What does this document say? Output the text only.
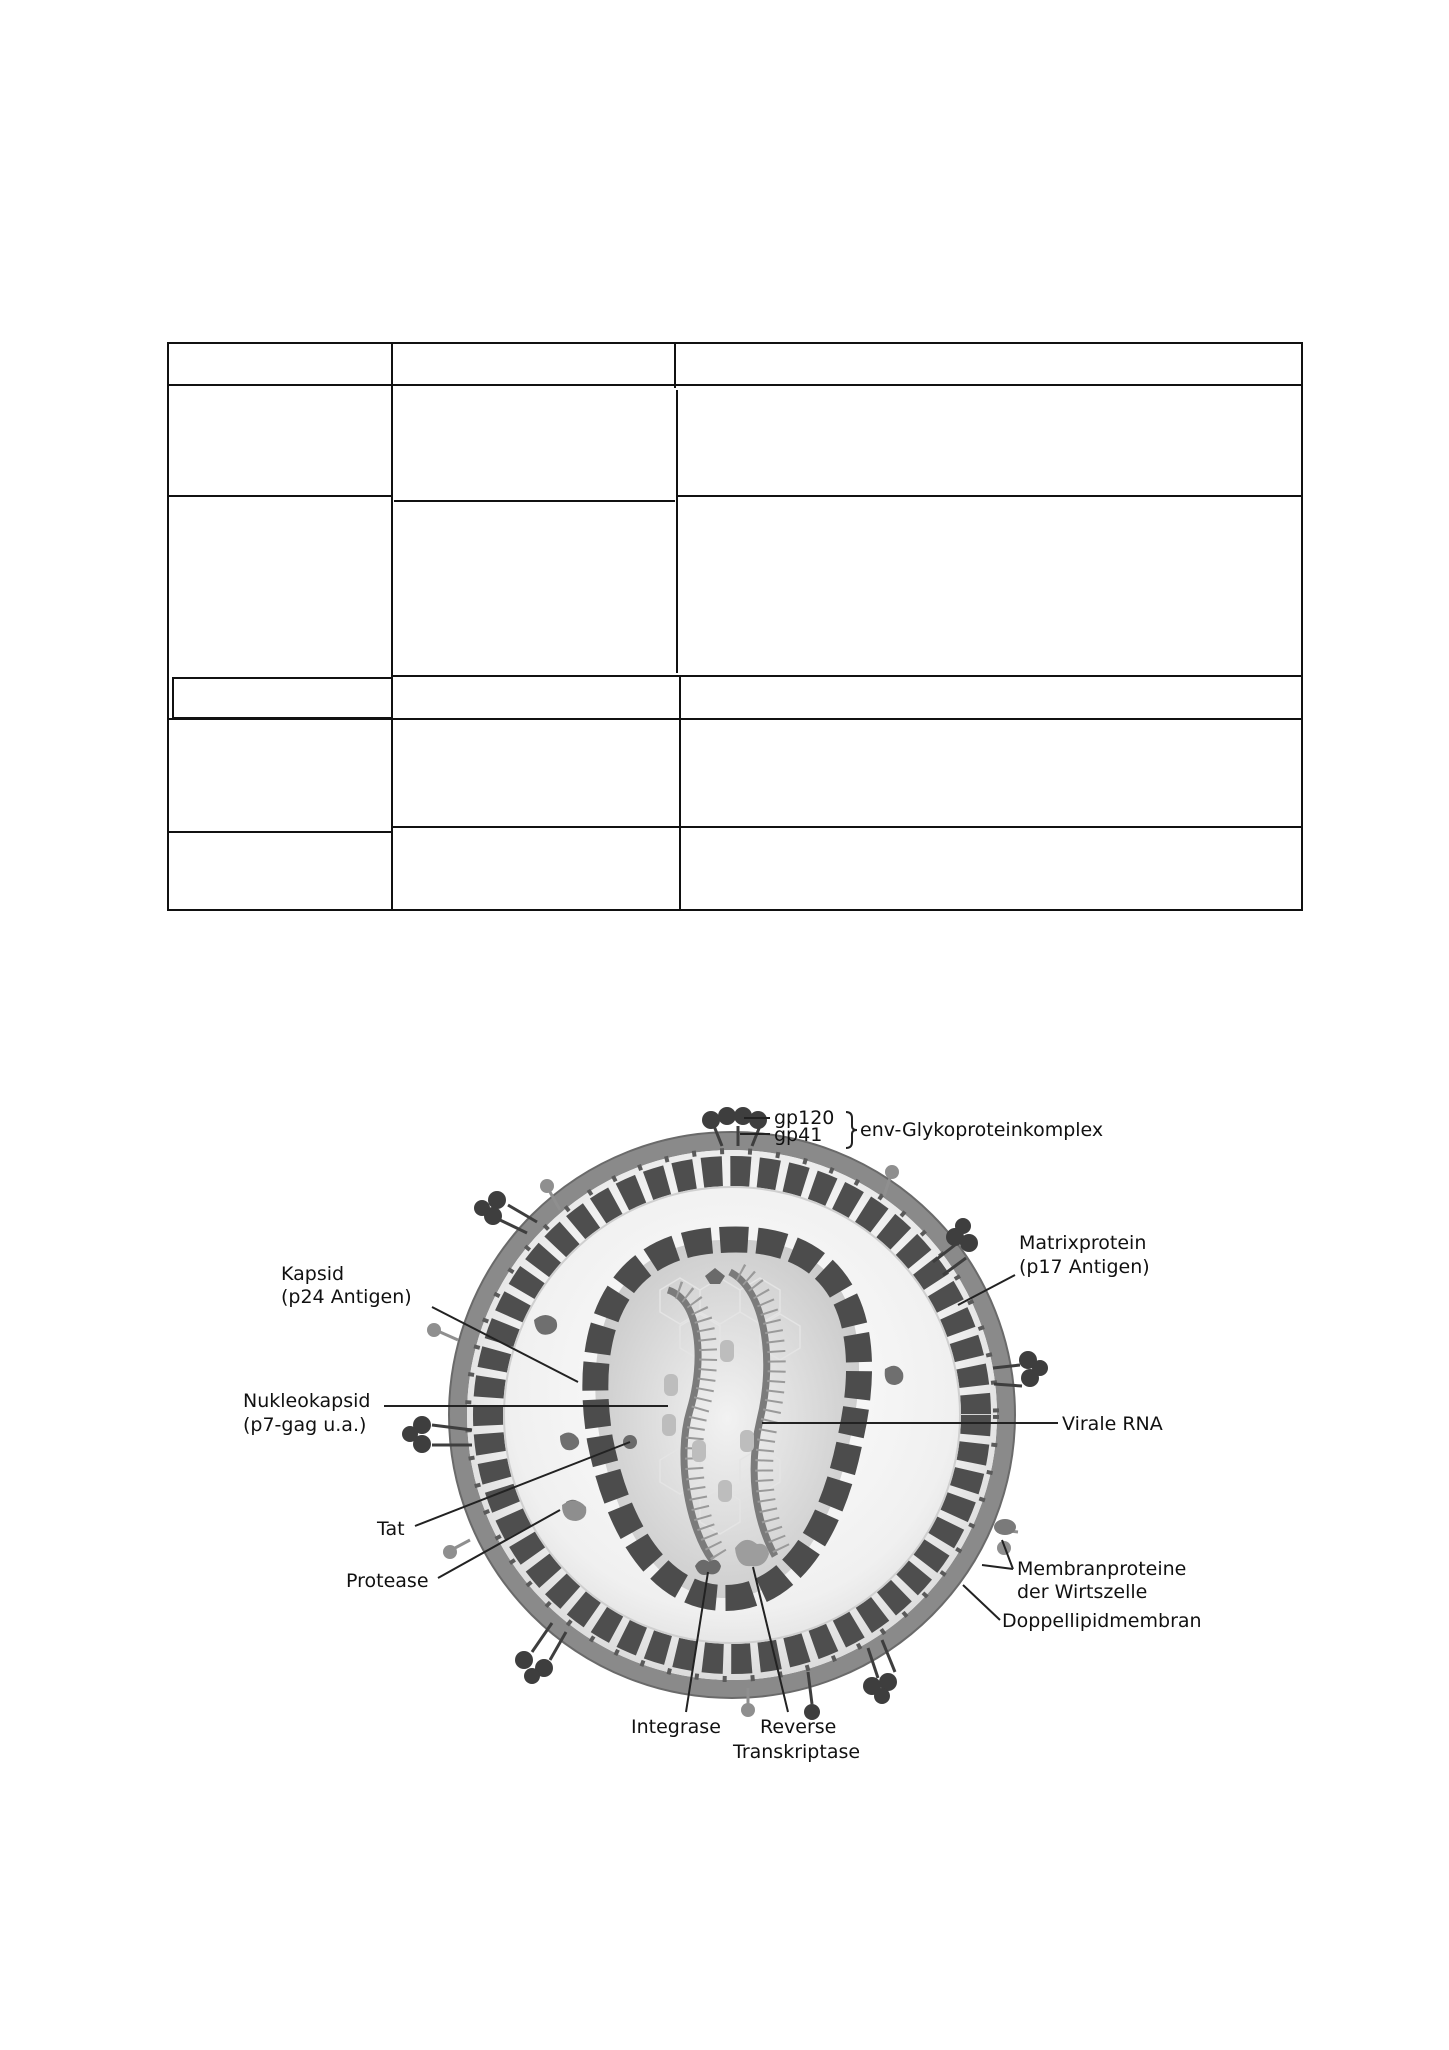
gp120
gp41 env-Glykoproteinkomplex
Kapsid
(p24 Antigen)
Matrixprotein
(p17 Antigen)
Nukleokapsid
(p7-gag u.a.)	Virale RNA
Tat
Protease
Membranproteine
der Wirtszelle
Doppellipidmembran
Integrase Reverse
Transkriptase
